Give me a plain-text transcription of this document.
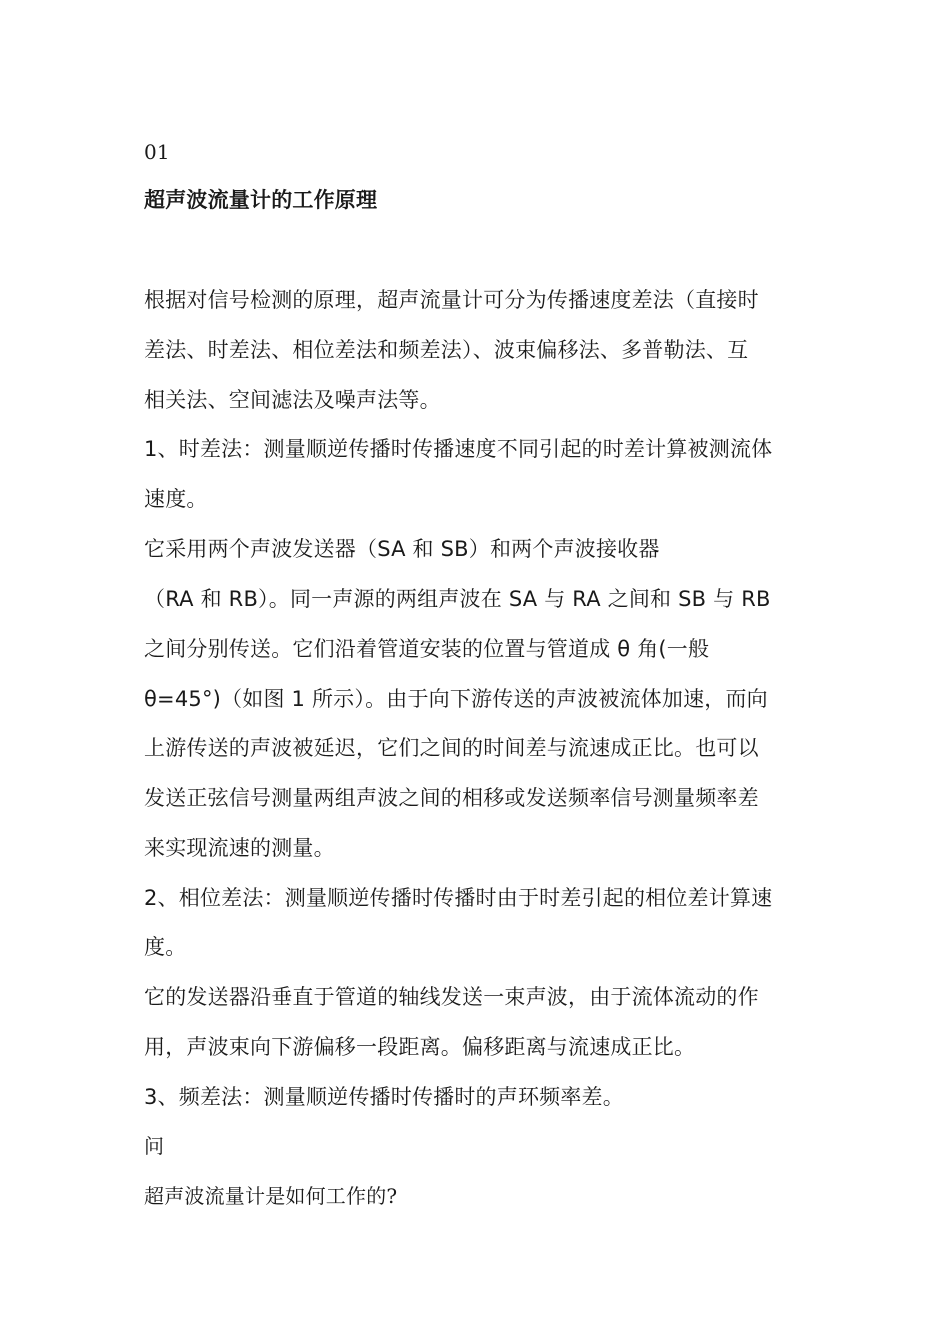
01
超声波流量计的工作原理
根据对信号检测的原理，超声流量计可分为传播速度差法（直接时
差法、时差法、相位差法和频差法）、波束偏移法、多普勒法、互
相关法、空间滤法及噪声法等。
1、时差法：测量顺逆传播时传播速度不同引起的时差计算被测流体
速度。
它采用两个声波发送器（SA 和 SB）和两个声波接收器
（RA 和 RB）。同一声源的两组声波在 SA 与 RA 之间和 SB 与 RB
之间分别传送。它们沿着管道安装的位置与管道成 θ 角(一般
θ=45°)（如图 1 所示）。由于向下游传送的声波被流体加速，而向
上游传送的声波被延迟，它们之间的时间差与流速成正比。也可以
发送正弦信号测量两组声波之间的相移或发送频率信号测量频率差
来实现流速的测量。
2、相位差法：测量顺逆传播时传播时由于时差引起的相位差计算速
度。
它的发送器沿垂直于管道的轴线发送一束声波，由于流体流动的作
用，声波束向下游偏移一段距离。偏移距离与流速成正比。
3、频差法：测量顺逆传播时传播时的声环频率差。
问
超声波流量计是如何工作的?
